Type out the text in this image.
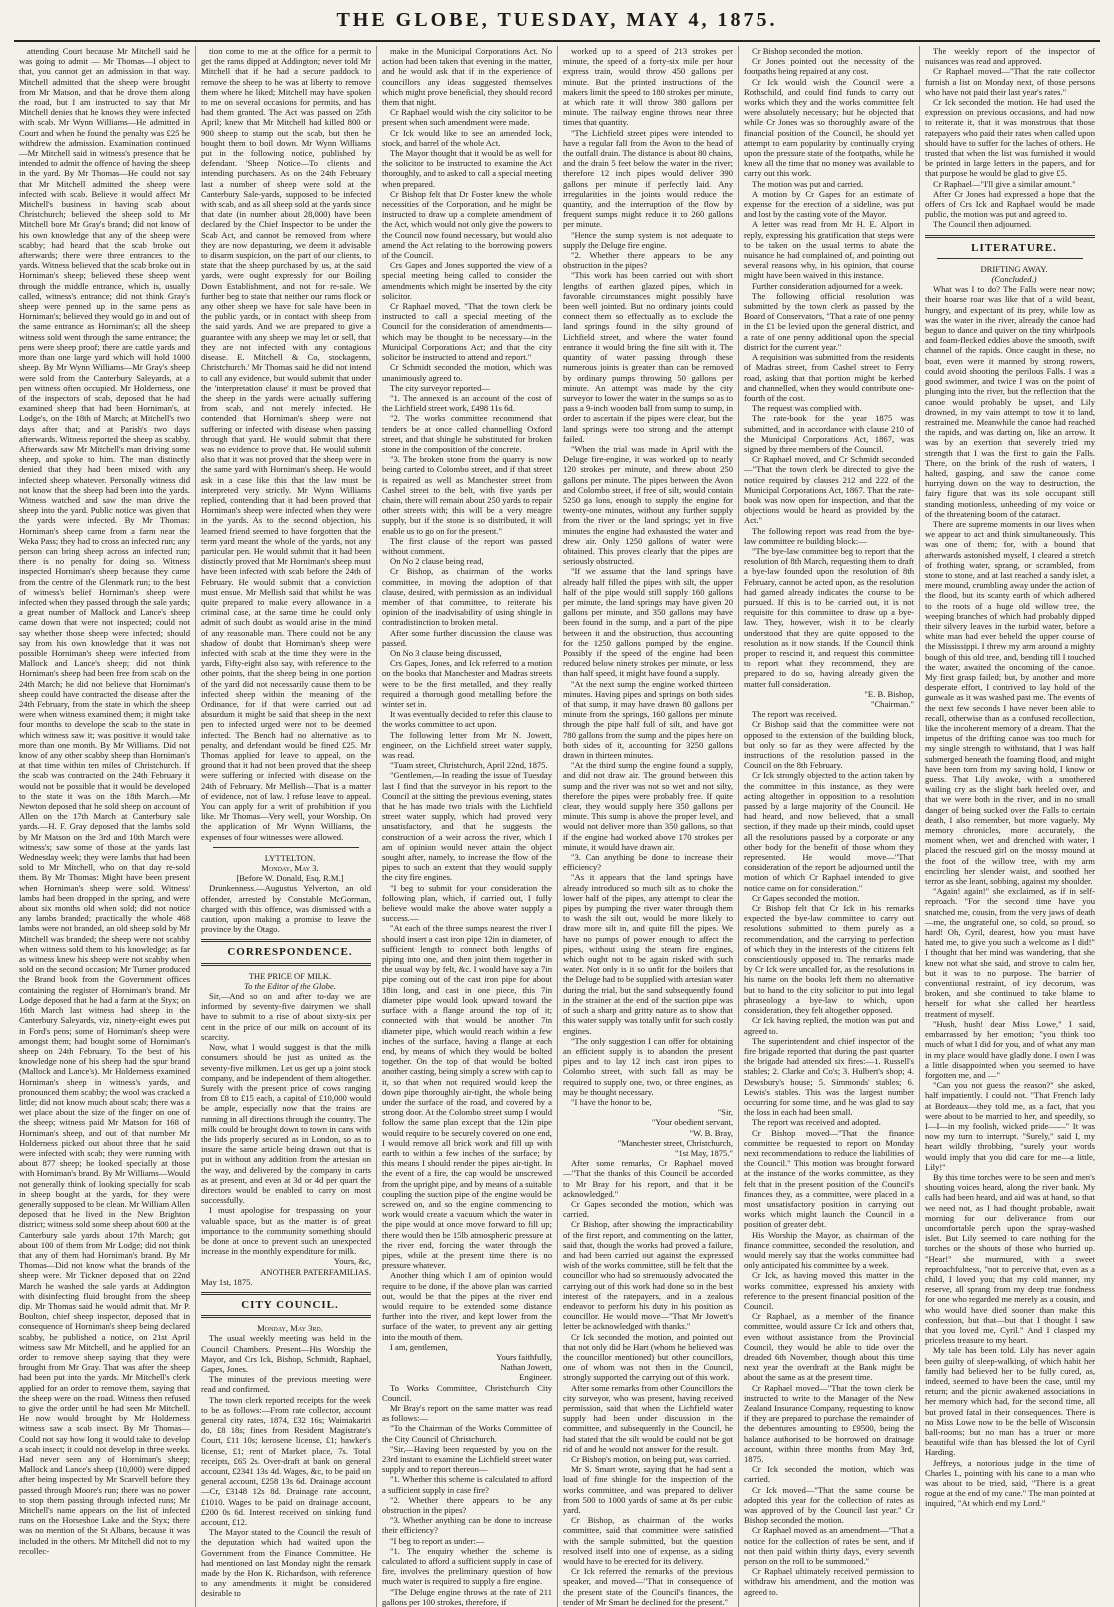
THE GLOBE, TUESDAY, MAY 4, 1875.

attending Court because Mr Mitchell said he was going to admit — Mr Thomas—I object to that, you cannot get an admission in that way. Mitchell admitted that the sheep were brought from Mr Matson, and that he drove them along the road, but I am instructed to say that Mr Mitchell denies that he knows they were infected with scab. Mr Wynn Williams—He admitted in Court and when he found the penalty was £25 he withdrew the admission. Examination continued—Mr Mitchell said in witness's presence that he intended to admit the offence of having the sheep in the yard. By Mr Thomas—He could not say that Mr Mitchell admitted the sheep were infected with scab. Believe it would affect Mr Mitchell's business in having scab about Christchurch; believed the sheep sold to Mr Mitchell bore Mr Gray's brand; did not know of his own knowledge that any of the sheep were scabby; had heard that the scab broke out afterwards; there were three entrances to the yards. Witness believed that the scab broke out in Horniman's sheep; believed these sheep went through the middle entrance, which is, usually called, witness's entrance; did not think Gray's sheep were penned up in the same pens as Horniman's; believed they would go in and out of the same entrance as Horniman's; all the sheep witness sold went through the same entrance; the pens were sheep proof; there are cattle yards and more than one large yard which will hold 1000 sheep. By Mr Wynn Williams—Mr Gray's sheep were sold from the Canterbury Saleyards, at a pen witness often occupied. Mr Holderness, one of the inspectors of scab, deposed that he had examined sheep that had been Horniman's, at Lodge's, on the 18th of March; at Mitchell's two days after that; and at Parish's two days afterwards. Witness reported the sheep as scabby. Afterwards saw Mr Mitchell's man driving some sheep, and spoke to him. The man distinctly denied that they had been mixed with any infected sheep whatever. Personally witness did not know that the sheep had been into the yards. Witness watched and saw the man drive the sheep into the yard. Public notice was given that the yards were infected. By Mr Thomas: Horniman's sheep came from a farm near the Weka Pass; they had to cross an infected run; any person can bring sheep across an infected run; there is no penalty for doing so. Witness inspected Horniman's sheep because they came from the centre of the Glenmark run; to the best of witness's belief Horniman's sheep were infected when they passed through the sale yards; a great number of Mallock and Lance's sheep came down that were not inspected; could not say whether those sheep were infected; should say from his own knowledge that it was not possible Horniman's sheep were infected from Mallock and Lance's sheep; did not think Horniman's sheep had been free from scab on the 24th March; he did not believe that Horniman's sheep could have contracted the disease after the 24th February, from the state in which the sheep were when witness examined them; it might take four months to develope the scab to the state in which witness saw it; was positive it would take more than one month. By Mr Williams. Did not know of any other scabby sheep than Horniman's at that time within ten miles of Christchurch. If the scab was contracted on the 24th February it would not be possible that it would be developed to the state it was on the 18th March.—Mr Newton deposed that he sold sheep on account of Allen on the 17th March at Canterbury sale yards.—H. F. Gray deposed that the lambs sold by Mr Matson on the 3rd and 10th March were witness's; saw some of those at the yards last Wednesday week; they were lambs that had been sold to Mr Mitchell, who on that day re-sold them. By Mr Thomas: Might have been present when Horniman's sheep were sold. Witness' lambs had been dropped in the spring, and were about six months old when sold; did not notice any lambs branded; practically the whole 468 lambs were not branded, an old sheep sold by Mr Mitchell was branded; the sheep were not scabby when witness sold them to his knowledge; as far as witness knew his sheep were not scabby when sold on the second occasion; Mr Turner produced the Brand book from the Government offices containing the register of Horniman's brand. Mr Lodge deposed that he had a farm at the Styx; on 16th March last witness had sheep in the Canterbury Saleyards, viz, ninety-eight ewes put in Ford's pens; some of Horniman's sheep were amongst them; had bought some of Horniman's sheep on 24th February. To the best of his knowledge none of his sheep had the spur brand (Mallock and Lance's). Mr Holderness examined Horniman's sheep in witness's yards, and pronounced them scabby; the wool was cracked a little; did not know much about scab; there was a wet place about the size of the finger on one of the sheep; witness paid Mr Matson for 168 of Horniman's sheep, and out of that number Mr Holderness picked out about three that he said were infected with scab; they were running with about 877 sheep; he looked specially at those with Horniman's brand. By Mr Williams—Would not generally think of looking specially for scab in sheep bought at the yards, for they were generally supposed to be clean. Mr William Allen deposed that he lived in the New Brighton district; witness sold some sheep about 600 at the Canterbury sale yards about 17th March; got about 100 of them from Mr Lodge; did not think that any of them had Horniman's brand. By Mr Thomas—Did not know what the brands of the sheep were. Mr Tickner deposed that on 22nd March he washed the sale yards at Addington with disinfecting fluid brought from the sheep dip. Mr Thomas said he would admit that. Mr P. Boulton, chief sheep inspector, deposed that in consequence of Horniman's sheep being declared scabby, he published a notice, on 21st April witness saw Mr Mitchell, and he applied for an order to remove sheep saying that they were brought from Mr Gray. That was after the sheep had been put into the yards. Mr Mitchell's clerk applied for an order to remove them, saying that the sheep were on the road. Witness then refused to give the order until he had seen Mr Mitchell. He now would brought by Mr Holderness witness saw a scab insect. By Mr Thomas—Could not say how long it would take to develop a scab insect; it could not develop in three weeks. Had never seen any of Horniman's sheep; Mallock and Lance's sheep (10,000) were dipped after being inspected by Mr Scarvell before they passed through Moore's run; there was no power to stop them passing through infected runs; Mr Mitchell's name appears on the list of infected runs on the Horseshoe Lake and the Styx; there was no mention of the St Albans, because it was included in the others. Mr Mitchell did not to my recollec-

tion come to me at the office for a permit to get the rams dipped at Addington; never told Mr Mitchell that if he had a secure paddock to remove the sheep to he was at liberty to remove them where he liked; Mitchell may have spoken to me on several occasions for permits, and has had them granted. The Act was passed on 25th April; knew that Mr Mitchell had killed 800 or 900 sheep to stamp out the scab, but then he bought them to boil down. Mr Wynn Williams put in the following notice, published by defendant. 'Sheep Notice—To clients and intending purchasers. As on the 24th February last a number of sheep were sold at the Canterbury Sale-yards, supposed to be infected with scab, and as all sheep sold at the yards since that date (in number about 28,000) have been declared by the Chief Inspector to be under the Scab Act, and cannot be removed from where they are now depasturing, we deem it advisable to disarm suspicion, on the part of our clients, to state that the sheep purchased by us, at the said yards, were ought expressly for our Boiling Down Establishment, and not for re-sale. We further beg to state that neither our rams flock or any other sheep we have for sale have been in the public yards, or in contact with sheep from the said yards. And we are prepared to give a guarantee with any sheep we may let or sell, that they are not infected with any contagious disease. E. Mitchell & Co, stockagents, Christchurch.' Mr Thomas said he did not intend to call any evidence, but would submit that under the 'interpretation clause' it must be proved that the sheep in the yards were actually suffering from scab, and not merely infected. He contended that Horniman's sheep were not suffering or infected with disease when passing through that yard. He would submit that there was no evidence to prove that. He would submit also that it was not proved that the sheep were in the same yard with Horniman's sheep. He would ask in a case like this that the law must be interpreted very strictly. Mr Wynn Williams replied, contending that it had been proved that Horniman's sheep were infected when they were in the yards. As to the second objection, his learned friend seemed to have forgotten that the term yard meant the whole of the yards, not any particular pen. He would submit that it had been distinctly proved that Mr Horniman's sheep must have been infected with scab before the 24th of February. He would submit that a conviction must ensue. Mr Mellish said that whilst he was quite prepared to make every allowance in a criminal case, at the same time he could only admit of such doubt as would arise in the mind of any reasonable man. There could not be any shadow of doubt that Horniman's sheep were infected with scab at the time they were in the yards, Fifty-eight also say, with reference to the other points, that the sheep being in one portion of the yard did not necessarily cause them to be infected sheep within the meaning of the Ordinance, for if that were carried out ad absurdum it might be said that sheep in the next pen to infected urged were not to be deemed infected. The Bench had no alternative as to penalty, and defendant would be fined £25. Mr Thomas applied for leave to appeal, on the ground that it had not been proved that the sheep were suffering or infected with disease on the 24th of February. Mr Mellish—That is a matter of evidence, not of law. I refuse leave to appeal. You can apply for a writ of prohibition if you like. Mr Thomas—Very well, your Worship. On the application of Mr Wynn Williams, the expenses of four witnesses were allowed.

LYTTELTON.

Monday, May 3.

[Before W. Donald, Esq, R.M.]

Drunkenness.—Augustus Yelverton, an old offender, arrested by Constable McGorman, charged with this offence, was dismissed with a caution, upon making a promise to leave the province by the Otago.

CORRESPONDENCE.

THE PRICE OF MILK.

To the Editor of the Globe.

Sir,—And so on and after to-day we are informed by seventy-five dairymen we shall have to submit to a rise of about sixty-six per cent in the price of our milk on account of its scarcity.

Now, what I would suggest is that the milk consumers should be just as united as the seventy-five milkmen. Let us get up a joint stock company, and be independent of them altogether. Surely with the present price of cows ranging from £8 to £15 each, a capital of £10,000 would be ample, especially now that the trains are running in all directions through the country. The milk could be brought down to town in cans with the lids properly secured as in London, so as to insure the same article being drawn out that is put in without any addition from the artesian on the way, and delivered by the company in carts as at present, and even at 3d or 4d per quart the directors would be enabled to carry on most successfully.

I must apologise for trespassing on your valuable space, but as the matter is of great importance to the community something should be done at once to prevent such an unexpected increase in the monthly expenditure for milk.

Yours, &c,

ANOTHER PATERFAMILIAS.

May 1st, 1875.

CITY COUNCIL.

Monday, May 3rd.

The usual weekly meeting was held in the Council Chambers. Present—His Worship the Mayor, and Crs Ick, Bishop, Schmidt, Raphael, Gapes, Jones.

The minutes of the previous meeting were read and confirmed.

The town clerk reported receipts for the week to be as follows:—From rate collector, account general city rates, 1874, £32 16s; Waimakariri do, £8 18s; fines from Resident Magistrate's Court, £11 10s; kerosene license, £1; hawker's license, £1; rent of Market place, 7s. Total receipts, £65 2s. Over-draft at bank on general account, £2341 13s 4d. Wages, &c, to be paid on general account, £258 13s 6d. Drainage account—Cr, £3148 12s 8d. Drainage rate account, £1010. Wages to be paid on drainage account, £200 0s 6d. Interest received on sinking fund account, £12.

The Mayor stated to the Council the result of the deputation which had waited upon the Government from the Finance Committee. He had mentioned on last Monday night the remark made by the Hon K. Richardson, with reference to any amendments it might be considered desirable to

make in the Municipal Corporations Act. No action had been taken that evening in the matter, and he would ask that if in the experience of councillors any ideas suggested themselves which might prove beneficial, they should record them that night.

Cr Raphael would wish the city solicitor to be present when such amendment were made.

Cr Ick would like to see an amended lock, stock, and barrel of the whole Act.

The Mayor thought that it would be as well for the solicitor to be instructed to examine the Act thoroughly, and to asked to call a special meeting when prepared.

Cr Bishop felt that Dr Foster knew the whole necessities of the Corporation, and he might be instructed to draw up a complete amendment of the Act, which would not only give the powers to the Council now found necessary, but would also amend the Act relating to the borrowing powers of the Council.

Crs Gapes and Jones supported the view of a special meeting being called to consider the amendments which might be inserted by the city solicitor.

Cr Raphael moved, "That the town clerk be instructed to call a special meeting of the Council for the consideration of amendments—which may be thought to be necessary—in the Municipal Corporations Act; and that the city solicitor be instructed to attend and report."

Cr Schmidt seconded the motion, which was unanimously agreed to.

The city surveyor reported—

"1. The annexed is an account of the cost of the Lichfield street work, £498 11s 6d.

"2. The works committee recommend that tenders be at once called channelling Oxford street, and that shingle be substituted for broken stone in the composition of the concrete.

"3. The broken stone from the quarry is now being carted to Colombo street, and if that street is repaired as well as Manchester street from Cashel street to the belt, with five yards per chain, there will remain about 250 yards to repair other streets with; this will be a very meagre supply, but if the stone is so distributed, it will enable us to go on for the present."

The first clause of the report was passed without comment.

On No 2 clause being read,

Cr Bishop, as chairman of the works committee, in moving the adoption of that clause, desired, with permission as an individual member of that committee, to reiterate his opinion of the inadvisability of using shingle in contradistinction to broken metal.

After some further discussion the clause was passed.

On No 3 clause being discussed,

Crs Gapes, Jones, and Ick referred to a motion on the books that Manchester and Madras streets were to be the first metalled, and they really required a thorough good metalling before the winter set in.

It was eventually decided to refer this clause to the works committee to act upon.

The following letter from Mr N. Jowett, engineer, on the Lichfield street water supply, was read.

"Tuam street, Christchurch, April 22nd, 1875.

"Gentlemen,—In reading the issue of Tuesday last I find that the surveyor in his report to the Council at the sitting the previous evening, states that he has made two trials with the Lichfield street water supply, which had proved very unsatisfactory, and that he suggests the construction of a weir across the river, which I am of opinion would never attain the object sought after, namely, to increase the flow of the pipes to such an extent that they would supply the city fire engines.

"I beg to submit for your consideration the following plan, which, if carried out, I fully believe would make the above water supply a success.—

"At each of the three sumps nearest the river I should insert a cast iron pipe 12in in diameter, of sufficient length to connect both lengths of piping into one, and then joint them together in the usual way by felt, &c. I would have say a 7in pipe coming out of the cast iron pipe for about 18in long, and cast in one piece, this 7in diameter pipe would look upward toward the surface with a flange around the top of it; connected with that would be another 7in diameter pipe, which would reach within a few inches of the surface, having a flange at each end, by means of which they would be bolted together. On the top of that would be bolted another casting, being simply a screw with cap to it, so that when not required would keep the down pipe thoroughly air-tight, the whole being under the surface of the road, and covered by a strong door. At the Colombo street sump I would follow the same plan except that the 12in pipe would require to be securely covered on one end, I would remove all brick work and fill up with earth to within a few inches of the surface; by this means I should render the pipes air-tight. In the event of a fire, the cap would be unscrewed from the upright pipe, and by means of a suitable coupling the suction pipe of the engine would be screwed on, and so the engine commencing to work would create a vacuum which the water in the pipe would at once move forward to fill up; there would then be 15lb atmospheric pressure at the river end, forcing the water through the pipes, while at the present time there is no pressure whatever.

Another thing which I am of opinion would require to be done, if the above plan was carried out, would be that the pipes at the river end would require to be extended some distance further into the river, and kept lower from the surface of the water, to prevent any air getting into the mouth of them.

I am, gentlemen,

Yours faithfully,

Nathan Jowett,

Engineer.

To Works Committee, Christchurch City Council.

Mr Bray's report on the same matter was read as follows:—

"To the Chairman of the Works Committee of the City Council of Christchurch.

"Sir,—Having been requested by you on the 23rd instant to examine the Lichfield street water supply and to report thereon—

"1. Whether this scheme is calculated to afford a sufficient supply in case fire?

"2. Whether there appears to be any obstruction in the pipes?

"3. Whether anything can be done to increase their efficiency?

"I beg to report as under:—

"1. The enquiry whether the scheme is calculated to afford a sufficient supply in case of fire, involves the preliminary question of how much water is required to supply a fire engine.

"The Deluge engine throws at the rate of 211 gallons per 100 strokes, therefore, if

worked up to a speed of 213 strokes per minute, the speed of a forty-six mile per hour express train, would throw 450 gallons per minute. But the printed instructions of the makers limit the speed to 180 strokes per minute, at which rate it will throw 380 gallons per minute. The railway engine throws near three times that quantity.

"The Lichfield street pipes were intended to have a regular fall from the Avon to the head of the outfall drain. The distance is about 80 chains, and the drain 5 feet below the water in the river; therefore 12 inch pipes would deliver 390 gallons per minute if perfectly laid. Any irregularities in the joints would reduce the quantity, and the interruption of the flow by frequent sumps might reduce it to 260 gallons per minute.

"Hence the sump system is not adequate to supply the Deluge fire engine.

"2. Whether there appears to be any obstruction in the pipes?

"This work has been carried out with short lengths of earthen glazed pipes, which in favorable circumstances might possibly have been well jointed. But no ordinary joints could connect them so effectually as to exclude the land springs found in the silty ground of Lichfield street, and where the water found entrance it would bring the fine silt with it. The quantity of water passing through these numerous joints is greater than can be removed by ordinary pumps throwing 50 gallons per minute. An attempt was made by the city surveyor to lower the water in the sumps so as to pass a 9-inch wooden ball from sump to sump, in order to ascertain if the pipes were clear, but the land springs were too strong and the attempt failed.

"When the trial was made in April with the Deluge fire-engine, it was worked up to nearly 120 strokes per minute, and threw about 250 gallons per minute. The pipes between the Avon and Colombo street, if free of silt, would contain 5250 ga lons, enough to supply the engine for twenty-one minutes, without any further supply from the river or the land springs; yet in five minutes the engine had exhausted the water and drew air. Only 1250 gallons of water were obtained. This proves clearly that the pipes are seriously obstructed.

"If we assume that the land springs have already half filled the pipes with silt, the upper half of the pipe would still supply 160 gallons per minute, the land springs may have given 20 gallons per minute, and 350 gallons may have been found in the sump, and a part of the pipe between it and the obstruction, thus accounting for the 1250 gallons pumped by the engine. Possibly if the speed of the engine had been reduced below ninety strokes per minute, or less than half speed, it might have found a supply.

"At the next sump the engine worked thirteen minutes. Having pipes and springs on both sides of that sump, it may have drawn 80 gallons per minute from the springs, 160 gallons per minute through the pipe half full of silt, and have got 780 gallons from the sump and the pipes here on both sides of it, accounting for 3250 gallons drawn in thirteen minutes.

"At the third sump the engine found a supply, and did not draw air. The ground between this sump and the river was not so wet and not silty, therefore the pipes were probably free. If quite clear, they would supply here 350 gallons per minute. This sump is above the proper level, and would not deliver more than 350 gallons, so that if the engine had worked above 170 strokes per minute, it would have drawn air.

"3. Can anything be done to increase their efficiency?

"As it appears that the land springs have already introduced so much silt as to choke the lower half of the pipes, any attempt to clear the pipes by pumping the river water through them to wash the silt out, would be more likely to draw more silt in, and quite fill the pipes. We have no pumps of power enough to affect the pipes, without using the steam fire engines, which ought not to be again risked with such water. Not only is it so unfit for the boilers that the Deluge had to be supplied with artesian water during the trial, but the sand subsequently found in the strainer at the end of the suction pipe was of such a sharp and gritty nature as to show that this water supply was totally unfit for such costly engines.

"The only suggestion I can offer for obtaining an efficient supply is to abandon the present pipes and to lay 12 inch cast iron pipes to Colombo street, with such fall as may be required to supply one, two, or three engines, as may be thought necessary.

"I have the honor to be,

"Sir,

"Your obedient servant,

"W. B. Bray,

"Manchester street, Christchurch,

"1st May, 1875."

After some remarks, Cr Raphael moved —"That the thanks of this Council be accorded to Mr Bray for his report, and that it be acknowledged."

Cr Gapes seconded the motion, which was carried.

Cr Bishop, after showing the impracticability of the first report, and commenting on the latter, said that, though the works had proved a failure, and had been carried out against the expressed wish of the works committee, still he felt that the councillor who had so strenuously advocated the carrying out of this work had done so in the best interest of the ratepayers, and in a zealous endeavor to perform his duty in his position as councillor. He would move—"That Mr Jowett's letter be acknowledged with thanks."

Cr Ick seconded the motion, and pointed out that not only did he Hart (whom he believed was the councillor mentioned) but other councillors, one of whom was not then in the Council, strongly supported the carrying out of this work.

After some remarks from other Councillors the city surveyor, who was present, having received permission, said that when the Lichfield water supply had been under discussion in the committee, and subsequently in the Council, he had stated that the silt would be could not be got rid of and he would not answer for the result.

Cr Bishop's motion, on being put, was carried.

Mr S. Smart wrote, saying that he had sent a load of fine shingle for the inspection of the works committee, and was prepared to deliver from 500 to 1000 yards of same at 8s per cubic yard.

Cr Bishop, as chairman of the works committee, said that committee were satisfied with the sample submitted, but the question resolved itself into one of expense, as a siding would have to be erected for its delivery.

Cr Ick referred the remarks of the previous speaker, and moved—"That in consequence of the present state of the Council's finances, the tender of Mr Smart be declined for the present."

Cr Bishop seconded the motion.

Cr Jones pointed out the necessity of the footpaths being repaired at any cost.

Cr Ick would wish the Council were a Rothschild, and could find funds to carry out works which they and the works committee felt were absolutely necessary; but he objected that while Cr Jones was so thoroughly aware of the financial position of the Council, he should yet attempt to earn popularity by continually crying upon the pressure state of the footpaths, while he knew all the time that no money was available to carry out this work.

The motion was put and carried.

A motion by Cr Gapes for an estimate of expense for the erection of a sideline, was put and lost by the casting vote of the Mayor.

A letter was read from Mr H. E. Alport in reply, expressing his gratification that steps were to be taken on the usual terms to abate the nuisance he had complained of, and pointing out several reasons why, in his opinion, that course might have been waived in this instance.

Further consideration adjourned for a week.

The following official resolution was submitted by the town clerk as passed by the Board of Conservators, "That a rate of one penny in the £1 be levied upon the general district, and a rate of one penny additional upon the special district for the current year."

A requisition was submitted from the residents of Madras street, from Cashel street to Ferry road, asking that that portion might be kerbed and channelled, when they would contribute one-fourth of the cost.

The request was complied with.

The rate-book for the year 1875 was submitted, and in accordance with clause 210 of the Municipal Corporations Act, 1867, was signed by three members of the Council.

Cr Raphael moved, and Cr Schmidt seconded—"That the town clerk be directed to give the notice required by clauses 212 and 222 of the Municipal Corporations Act, 1867. That the rate-book was now open for inspection, and that the objections would be heard as provided by the Act."

The following report was read from the bye-law committee re building block:—

"The bye-law committee beg to report that the resolution of 8th March, requesting them to draft a bye-law founded upon the resolution of 8th February, cannot be acted upon, as the resolution had gamed already indicates the course to be pursued. If this is to be carried out, it is not requisite for this committee to draw up a bye-law. They, however, wish it to be clearly understood that they are quite opposed to the resolution as it now stands. If the Council think proper to rescind it, and request this committee to report what they recommend, they are prepared to do so, having already given the matter full consideration.

"E. B. Bishop,

"Chairman."

The report was received.

Cr Bishop said that the committee were not opposed to the extension of the building block, but only so far as they were affected by the instructions of the resolution passed in the Council on the 8th February.

Cr Ick strongly objected to the action taken by the committee in this instance, as they were acting altogether in opposition to a resolution passed by a large majority of the Council. He had heard, and now believed, that a small section, if they made up their minds, could upset all the resolutions passed by a corporate or any other body for the benefit of those whom they represented. He would move—"That consideration of the report be adjourned until the motion of which Cr Raphael intended to give notice came on for consideration."

Cr Gapes seconded the motion.

Cr Bishop felt that Cr Ick in his remarks expected the bye-law committee to carry out resolutions submitted to them purely as a recommendation, and the carrying to perfection of which they in the interests of the citizens felt conscientiously opposed to. The remarks made by Cr Ick were uncalled for, as the resolutions in his name on the books left them no alternative but to hand to the city solicitor to put into legal phraseology a bye-law to which, upon consideration, they felt altogether opposed.

Cr Ick having replied, the motion was put and agreed to.

The superintendent and chief inspector of the fire brigade reported that during the past quarter the brigade had attended six fires:—1. Russell's stables; 2. Clarke and Co's; 3. Hulbert's shop; 4. Dewsbury's house; 5. Simmonds' stables; 6. Lewis's stables. This was the largest number occurring for some time, and he was glad to say the loss in each had been small.

The report was received and adopted.

Cr Bishop moved—"That the finance committee be requested to report on Monday next recommendations to reduce the liabilities of the Council." This motion was brought forward at the instance of the works committee, as they felt that in the present position of the Council's finances they, as a committee, were placed in a most unsatisfactory position in carrying out works which might launch the Council in a position of greater debt.

His Worship the Mayor, as chairman of the finance committee, seconded the resolution, and would merely say that the works committee had only anticipated his committee by a week.

Cr Ick, as having moved this matter in the works committee, expressed his anxiety with reference to the present financial position of the Council.

Cr Raphael, as a member of the finance committee, would assure Cr Ick and others that, even without assistance from the Provincial Council, they would be able to tide over the dreaded 6th November, though about this time next year the overdraft at the Bank might be about the same as at the present time.

Cr Raphael moved—"That the town clerk be instructed to write to the Manager of the New Zealand Insurance Company, requesting to know if they are prepared to purchase the remainder of the debentures amounting to £9500, being the balance authorised to be borrowed on drainage account, within three months from May 3rd, 1875.

Cr Ick seconded the motion, which was carried.

Cr Ick moved—"That the same course be adopted this year for the collection of rates as was approved of by the Council last year." Cr Bishop seconded the motion.

Cr Raphael moved as an amendment—"That a notice for the collection of rates be sent, and if not then paid within thirty days, every seventh person on the roll to be summoned."

Cr Raphael ultimately received permission to withdraw his amendment, and the motion was agreed to.

The weekly report of the inspector of nuisances was read and approved.

Cr Raphael moved—"That the rate collector furnish a list on Monday next, of those persons who have not paid their last year's rates."

Cr Ick seconded the motion. He had used the expression on previous occasions, and had now to reiterate it, that it was monstrous that those ratepayers who paid their rates when called upon should have to suffer for the laches of others. He trusted that when the list was furnished it would be printed in large letters in the papers, and for that purpose he would be glad to give £5.

Cr Raphael—"I'll give a similar amount."

After Cr Jones had expressed a hope that the offers of Crs Ick and Raphael would be made public, the motion was put and agreed to.

The Council then adjourned.

LITERATURE.

DRIFTING AWAY.

(Concluded.)

What was I to do? The Falls were near now; their hoarse roar was like that of a wild beast, hungry, and expectant of its prey, while low as was the water in the river, already the canoe had begun to dance and quiver on the tiny whirlpools and foam-flecked eddies above the smooth, swift channel of the rapids. Once caught in these, no boat, even were it manned by strong rowers, could avoid shooting the perilous Falls. I was a good swimmer, and twice I was on the point of plunging into the river, but the reflection that the canoe would probably be upset, and Lily drowned, in my vain attempt to tow it to land, restrained me. Meanwhile the canoe had reached the rapids, and was darting on, like an arrow. It was by an exertion that severely tried my strength that I was the first to gain the Falls. There, on the brink of the rush of waters, I halted, gasping, and saw the canoe come hurrying down on the way to destruction, the fairy figure that was its sole occupant still standing motionless, unheeding of my voice or of the threatening boom of the cataract.

There are supreme moments in our lives when we appear to act and think simultaneously. This was one of them; for, with a bound that afterwards astonished myself, I cleared a stretch of frothing water, sprang, or scrambled, from stone to stone, and at last reached a sandy islet, a mere mound, crumbling away under the action of the flood, but its scanty earth of which adhered to the roots of a huge old willow tree, the weeping branches of which had probably dipped their silvery leaves in the turbid water, before a white man had ever beheld the upper course of the Mississippi. I threw my arm around a mighty bough of this old tree, and, bending till I touched the water, awaited the oncoming of the canoe. My first grasp failed; but, by another and more desperate effort, I contrived to lay hold of the gunwale as it was washed past me. The events of the next few seconds I have never been able to recall, otherwise than as a confused recollection, like the incoherent memory of a dream. That the impetus of the drifting canoe was too much for my single strength to withstand, that I was half submerged beneath the foaming flood, and might have been torn from my saving hold, I know or guess. That Lily awoke, with a smothered wailing cry as the slight bark heeled over, and that we were both in the river, and in no small danger of being sucked over the Falls to certain death, I also remember, but more vaguely. My memory chronicles, more accurately, the moment when, wet and drenched with water, I placed the rescued girl on the mossy mound at the foot of the willow tree, with my arm encircling her slender waist, and soothed her terror as she leant, sobbing, against my shoulder.

"Again! again!" she exclaimed, as if in self-reproach. "For the second time have you snatched me, cousin, from the very jaws of death—me, the ungrateful one, so cold, so proud, so hard! Oh, Cyril, dearest, how you must have hated me, to give you such a welcome as I did!" I thought that her mind was wandering, that she knew not what she said, and strove to calm her, but it was to no purpose. The barrier of conventional restraint, of icy decorum, was broken, and she continued to take blame to herself for what she called her heartless treatment of myself.

"Hush, hush! dear Miss Lowe," I said, embarrassed by her emotion; "you think too much of what I did for you, and of what any man in my place would have gladly done. I own I was a little disappointed when you seemed to have forgotten me, and —"

"Can you not guess the reason?" she asked, half impatiently. I could not. "That French lady at Bordeaux—they told me, as a fact, that you were about to be married to her, and speedily, so I—I—in my foolish, wicked pride——" It was now my turn to interrupt. "Surely," said I, my heart wildly throbbing, "surely your words would imply that you did care for me—a little, Lily!"

By this time torches were to be seen and men's shouting voices heard, along the river bank. My calls had been heard, and aid was at hand, so that we need not, as I had thought probable, await morning for our deliverance from our uncomfortable perch upon the spray-washed islet. But Lily seemed to care nothing for the torches or the shouts of those who hurried up. "Hear!" she murmured, with a sweet reproachfulness, "not to perceive that, even as a child, I loved you; that my cold manner, my reserve, all sprang from my deep true fondness for one who regarded me merely as a cousin, and who would have died sooner than make this confession, but that—but that I thought I saw that you loved me, Cyril." And I clasped my priceless treasure to my heart.

My tale has been told. Lily has never again been guilty of sleep-walking, of which habit her family had believed her to be fully cured, as, indeed, seemed to have been the case, until my return; and the picnic awakened associations in her memory which had, for the second time, all but proved fatal in their consequences. There is no Miss Lowe now to be the belle of Wisconsin ball-rooms; but no man has a truer or more beautiful wife than has blessed the lot of Cyril Harding.

Jeffreys, a notorious judge in the time of Charles I., pointing with his cane to a man who was about to be tried, said, "There is a great rogue at the end of my cane." The man pointed at inquired, "At which end my Lord."
